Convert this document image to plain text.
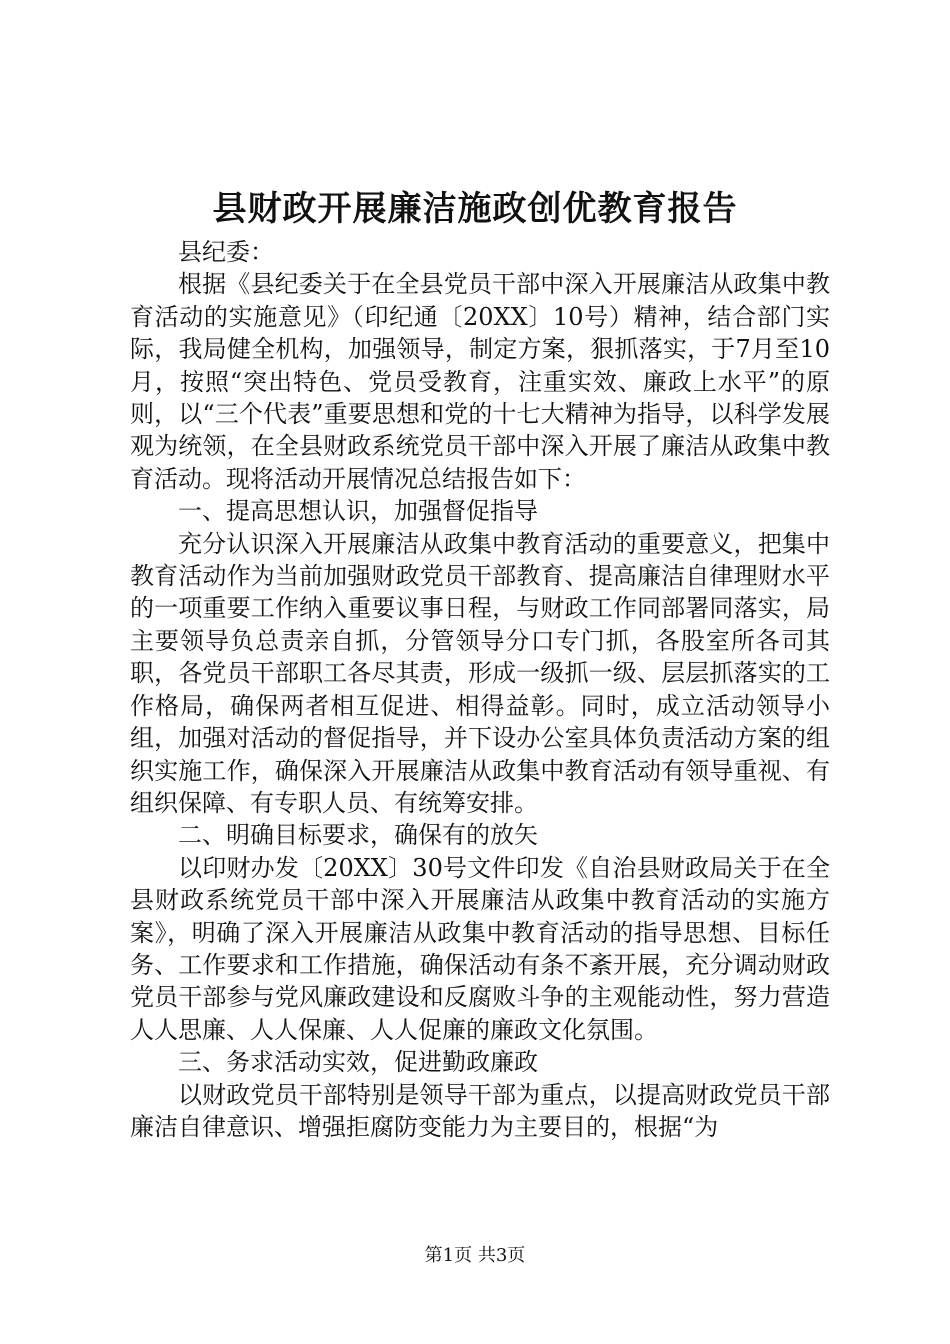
县财政开展廉洁施政创优教育报告

县纪委：

根据《县纪委关于在全县党员干部中深入开展廉洁从政集中教育活动的实施意见》（印纪通〔20XX〕10号）精神，结合部门实际，我局健全机构，加强领导，制定方案，狠抓落实，于7月至10月，按照“突出特色、党员受教育，注重实效、廉政上水平”的原则，以“三个代表”重要思想和党的十七大精神为指导，以科学发展观为统领，在全县财政系统党员干部中深入开展了廉洁从政集中教育活动。现将活动开展情况总结报告如下：

一、提高思想认识，加强督促指导

充分认识深入开展廉洁从政集中教育活动的重要意义，把集中教育活动作为当前加强财政党员干部教育、提高廉洁自律理财水平的一项重要工作纳入重要议事日程，与财政工作同部署同落实，局主要领导负总责亲自抓，分管领导分口专门抓，各股室所各司其职，各党员干部职工各尽其责，形成一级抓一级、层层抓落实的工作格局，确保两者相互促进、相得益彰。同时，成立活动领导小组，加强对活动的督促指导，并下设办公室具体负责活动方案的组织实施工作，确保深入开展廉洁从政集中教育活动有领导重视、有组织保障、有专职人员、有统筹安排。

二、明确目标要求，确保有的放矢

以印财办发〔20XX〕30号文件印发《自治县财政局关于在全县财政系统党员干部中深入开展廉洁从政集中教育活动的实施方案》，明确了深入开展廉洁从政集中教育活动的指导思想、目标任务、工作要求和工作措施，确保活动有条不紊开展，充分调动财政党员干部参与党风廉政建设和反腐败斗争的主观能动性，努力营造人人思廉、人人保廉、人人促廉的廉政文化氛围。

三、务求活动实效，促进勤政廉政

以财政党员干部特别是领导干部为重点，以提高财政党员干部廉洁自律意识、增强拒腐防变能力为主要目的，根据“为

第1页 共3页
